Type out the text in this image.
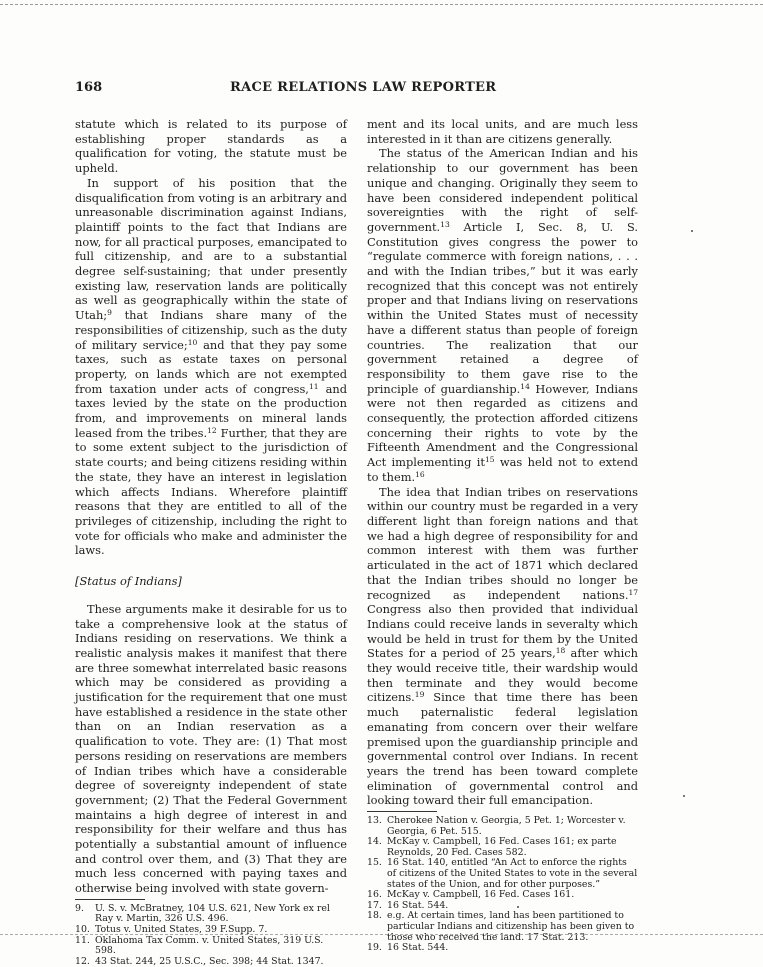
168	RACE RELATIONS LAW REPORTER

statute which is related to its purpose of establishing proper standards as a qualification for voting, the statute must be upheld.

In support of his position that the disqualification from voting is an arbitrary and unreasonable discrimination against Indians, plaintiff points to the fact that Indians are now, for all practical purposes, emancipated to full citizenship, and are to a substantial degree self-sustaining; that under presently existing law, reservation lands are politically as well as geographically within the state of Utah;$^9$ that Indians share many of the responsibilities of citizenship, such as the duty of military service;$^{10}$ and that they pay some taxes, such as estate taxes on personal property, on lands which are not exempted from taxation under acts of congress,$^{11}$ and taxes levied by the state on the production from, and improvements on mineral lands leased from the tribes.$^{12}$ Further, that they are to some extent subject to the jurisdiction of state courts; and being citizens residing within the state, they have an interest in legislation which affects Indians. Wherefore plaintiff reasons that they are entitled to all of the privileges of citizenship, including the right to vote for officials who make and administer the laws.

[Status of Indians]

These arguments make it desirable for us to take a comprehensive look at the status of Indians residing on reservations. We think a realistic analysis makes it manifest that there are three somewhat interrelated basic reasons which may be considered as providing a justification for the requirement that one must have established a residence in the state other than on an Indian reservation as a qualification to vote. They are: (1) That most persons residing on reservations are members of Indian tribes which have a considerable degree of sovereignty independent of state government; (2) That the Federal Government maintains a high degree of interest in and responsibility for their welfare and thus has potentially a substantial amount of influence and control over them, and (3) That they are much less concerned with paying taxes and otherwise being involved with state govern-

9.	U. S. v. McBratney, 104 U.S. 621, New York ex rel Ray v. Martin, 326 U.S. 496.
10. Totus v. United States, 39 F.Supp. 7.
11. Oklahoma Tax Comm. v. United States, 319 U.S. 598.
12. 43 Stat. 244, 25 U.S.C., Sec. 398; 44 Stat. 1347.

ment and its local units, and are much less interested in it than are citizens generally.

The status of the American Indian and his relationship to our government has been unique and changing. Originally they seem to have been considered independent political sovereignties with the right of self-government.$^{13}$ Article I, Sec. 8, U. S. Constitution gives congress the power to “regulate commerce with foreign nations, . . . and with the Indian tribes,” but it was early recognized that this concept was not entirely proper and that Indians living on reservations within the United States must of necessity have a different status than people of foreign countries. The realization that our government retained a degree of responsibility to them gave rise to the principle of guardianship.$^{14}$ However, Indians were not then regarded as citizens and consequently, the protection afforded citizens concerning their rights to vote by the Fifteenth Amendment and the Congressional Act implementing $it^{15}$ was held not to extend to them.$^{16}$

The idea that Indian tribes on reservations within our country must be regarded in a very different light than foreign nations and that we had a high degree of responsibility for and common interest with them was further articulated in the act of 1871 which declared that the Indian tribes should no longer be recognized as independent nations.$^{17}$ Congress also then provided that individual Indians could receive lands in severalty which would be held in trust for them by the United States for a period of 25 years,$^{18}$ after which they would receive title, their wardship would then terminate and they would become citizens.$^{19}$ Since that time there has been much paternalistic federal legislation emanating from concern over their welfare premised upon the guardianship principle and governmental control over Indians. In recent years the trend has been toward complete elimination of governmental control and looking toward their full emancipation.

13. Cherokee Nation v. Georgia, 5 Pet. 1; Worcester v. Georgia, 6 Pet. 515.
14. McKay v. Campbell, 16 Fed. Cases 161; ex parte Reynolds, 20 Fed. Cases 582.
15. 16 Stat. 140, entitled “An Act to enforce the rights of citizens of the United States to vote in the several states of the Union, and for other purposes.”
16. McKay v. Campbell, 16 Fed. Cases 161.
17. 16 Stat. 544.
18. e.g. At certain times, land has been partitioned to particular Indians and citizenship has been given to those who received the land. 17 Stat. 213.
19. 16 Stat. 544.
